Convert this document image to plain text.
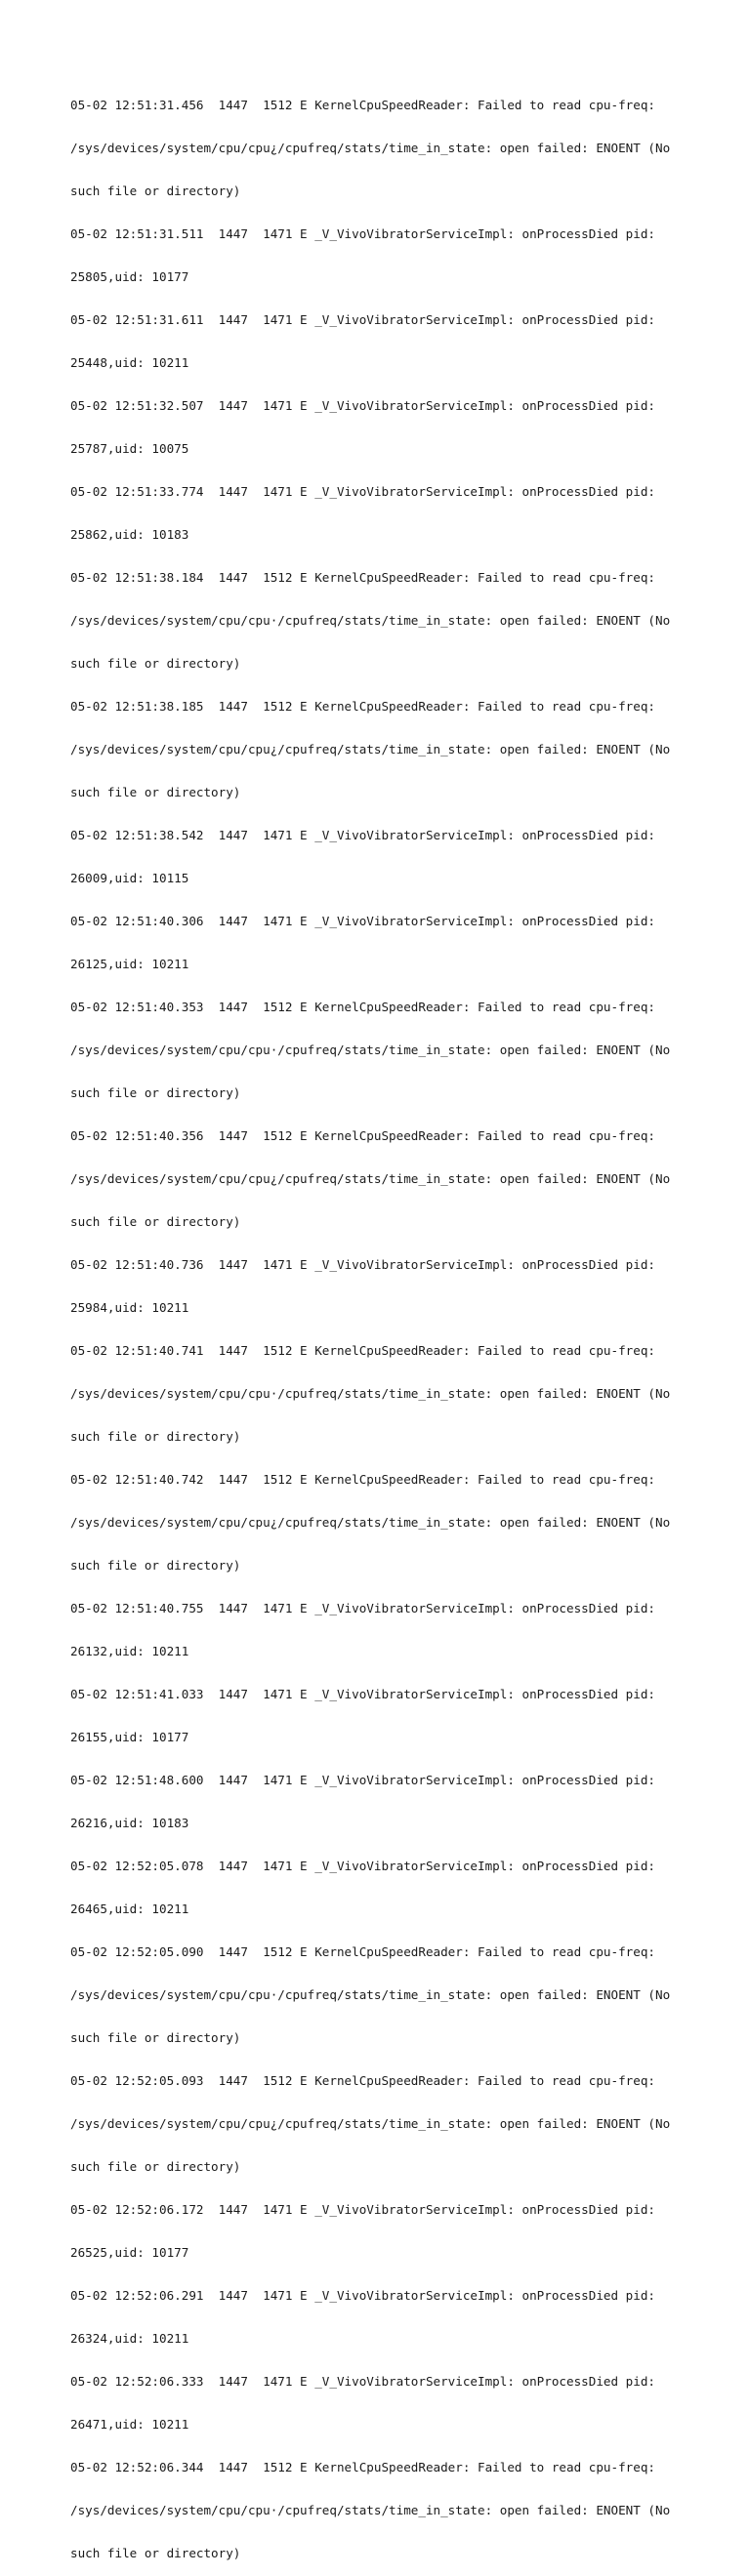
05-02 12:51:31.456  1447  1512 E KernelCpuSpeedReader: Failed to read cpu-freq:

/sys/devices/system/cpu/cpu¿/cpufreq/stats/time_in_state: open failed: ENOENT (No

such file or directory)

05-02 12:51:31.511  1447  1471 E _V_VivoVibratorServiceImpl: onProcessDied pid:

25805,uid: 10177

05-02 12:51:31.611  1447  1471 E _V_VivoVibratorServiceImpl: onProcessDied pid:

25448,uid: 10211

05-02 12:51:32.507  1447  1471 E _V_VivoVibratorServiceImpl: onProcessDied pid:

25787,uid: 10075

05-02 12:51:33.774  1447  1471 E _V_VivoVibratorServiceImpl: onProcessDied pid:

25862,uid: 10183

05-02 12:51:38.184  1447  1512 E KernelCpuSpeedReader: Failed to read cpu-freq:

/sys/devices/system/cpu/cpu·/cpufreq/stats/time_in_state: open failed: ENOENT (No

such file or directory)

05-02 12:51:38.185  1447  1512 E KernelCpuSpeedReader: Failed to read cpu-freq:

/sys/devices/system/cpu/cpu¿/cpufreq/stats/time_in_state: open failed: ENOENT (No

such file or directory)

05-02 12:51:38.542  1447  1471 E _V_VivoVibratorServiceImpl: onProcessDied pid:

26009,uid: 10115

05-02 12:51:40.306  1447  1471 E _V_VivoVibratorServiceImpl: onProcessDied pid:

26125,uid: 10211

05-02 12:51:40.353  1447  1512 E KernelCpuSpeedReader: Failed to read cpu-freq:

/sys/devices/system/cpu/cpu·/cpufreq/stats/time_in_state: open failed: ENOENT (No

such file or directory)

05-02 12:51:40.356  1447  1512 E KernelCpuSpeedReader: Failed to read cpu-freq:

/sys/devices/system/cpu/cpu¿/cpufreq/stats/time_in_state: open failed: ENOENT (No

such file or directory)

05-02 12:51:40.736  1447  1471 E _V_VivoVibratorServiceImpl: onProcessDied pid:

25984,uid: 10211

05-02 12:51:40.741  1447  1512 E KernelCpuSpeedReader: Failed to read cpu-freq:

/sys/devices/system/cpu/cpu·/cpufreq/stats/time_in_state: open failed: ENOENT (No

such file or directory)

05-02 12:51:40.742  1447  1512 E KernelCpuSpeedReader: Failed to read cpu-freq:

/sys/devices/system/cpu/cpu¿/cpufreq/stats/time_in_state: open failed: ENOENT (No

such file or directory)

05-02 12:51:40.755  1447  1471 E _V_VivoVibratorServiceImpl: onProcessDied pid:

26132,uid: 10211

05-02 12:51:41.033  1447  1471 E _V_VivoVibratorServiceImpl: onProcessDied pid:

26155,uid: 10177

05-02 12:51:48.600  1447  1471 E _V_VivoVibratorServiceImpl: onProcessDied pid:

26216,uid: 10183

05-02 12:52:05.078  1447  1471 E _V_VivoVibratorServiceImpl: onProcessDied pid:

26465,uid: 10211

05-02 12:52:05.090  1447  1512 E KernelCpuSpeedReader: Failed to read cpu-freq:

/sys/devices/system/cpu/cpu·/cpufreq/stats/time_in_state: open failed: ENOENT (No

such file or directory)

05-02 12:52:05.093  1447  1512 E KernelCpuSpeedReader: Failed to read cpu-freq:

/sys/devices/system/cpu/cpu¿/cpufreq/stats/time_in_state: open failed: ENOENT (No

such file or directory)

05-02 12:52:06.172  1447  1471 E _V_VivoVibratorServiceImpl: onProcessDied pid:

26525,uid: 10177

05-02 12:52:06.291  1447  1471 E _V_VivoVibratorServiceImpl: onProcessDied pid:

26324,uid: 10211

05-02 12:52:06.333  1447  1471 E _V_VivoVibratorServiceImpl: onProcessDied pid:

26471,uid: 10211

05-02 12:52:06.344  1447  1512 E KernelCpuSpeedReader: Failed to read cpu-freq:

/sys/devices/system/cpu/cpu·/cpufreq/stats/time_in_state: open failed: ENOENT (No

such file or directory)
